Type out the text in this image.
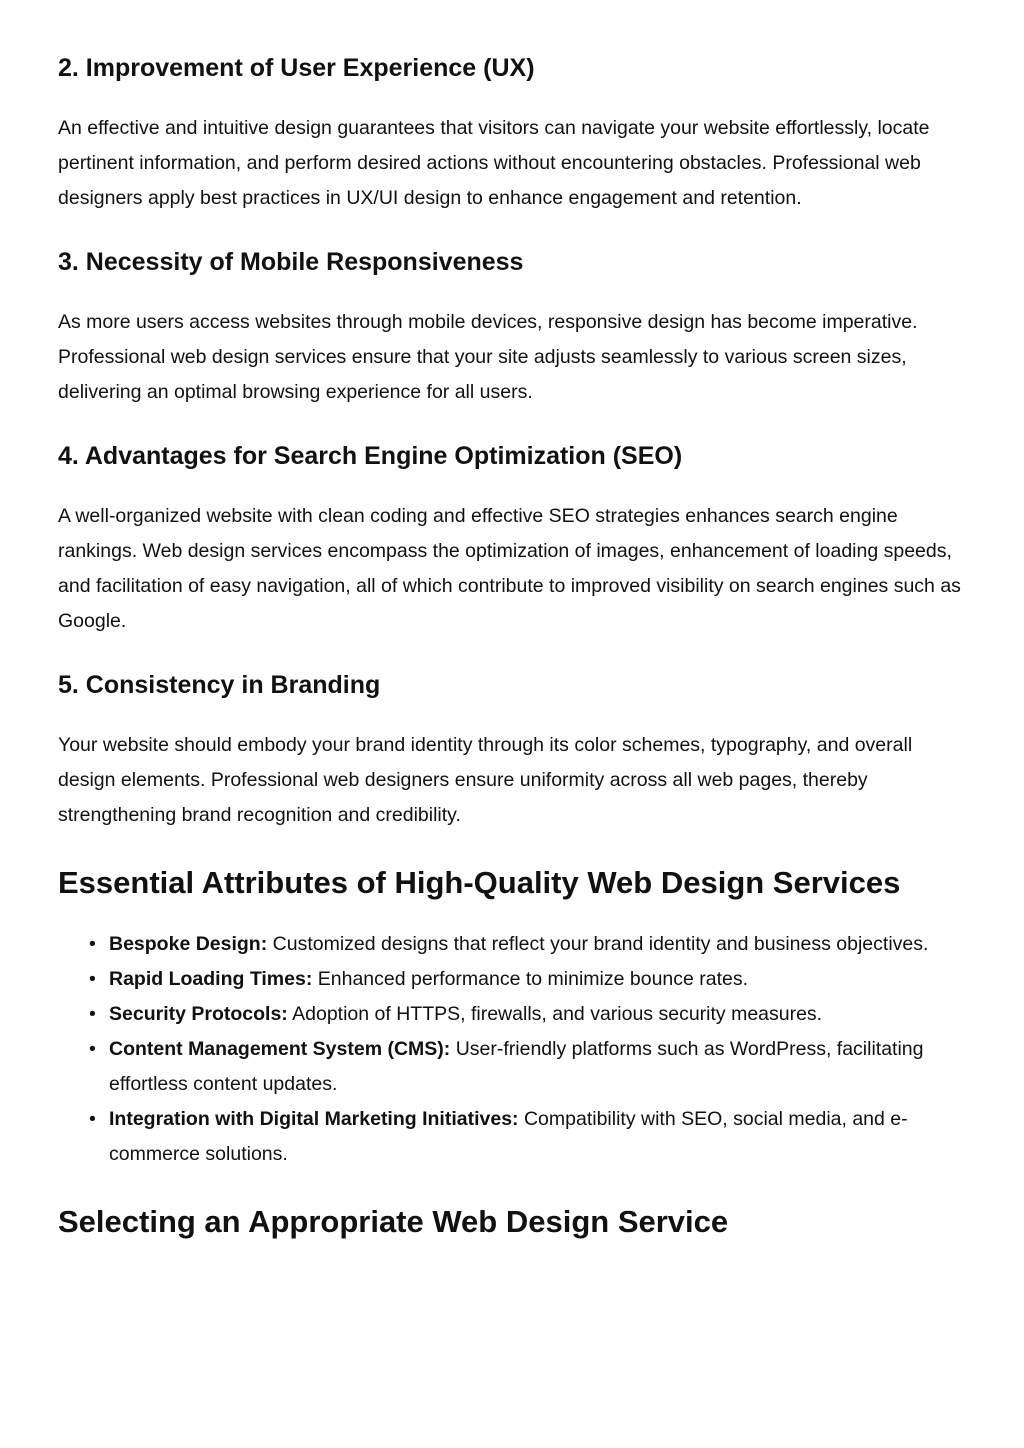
2. Improvement of User Experience (UX)

An effective and intuitive design guarantees that visitors can navigate your website effortlessly, locate pertinent information, and perform desired actions without encountering obstacles. Professional web designers apply best practices in UX/UI design to enhance engagement and retention.

3. Necessity of Mobile Responsiveness

As more users access websites through mobile devices, responsive design has become imperative. Professional web design services ensure that your site adjusts seamlessly to various screen sizes, delivering an optimal browsing experience for all users.

4. Advantages for Search Engine Optimization (SEO)

A well-organized website with clean coding and effective SEO strategies enhances search engine rankings. Web design services encompass the optimization of images, enhancement of loading speeds, and facilitation of easy navigation, all of which contribute to improved visibility on search engines such as Google.

5. Consistency in Branding

Your website should embody your brand identity through its color schemes, typography, and overall design elements. Professional web designers ensure uniformity across all web pages, thereby strengthening brand recognition and credibility.

Essential Attributes of High-Quality Web Design Services
• Bespoke Design: Customized designs that reflect your brand identity and business objectives.
• Rapid Loading Times: Enhanced performance to minimize bounce rates.
• Security Protocols: Adoption of HTTPS, firewalls, and various security measures.
• Content Management System (CMS): User-friendly platforms such as WordPress, facilitating effortless content updates.
• Integration with Digital Marketing Initiatives: Compatibility with SEO, social media, and e-commerce solutions.
Selecting an Appropriate Web Design Service
